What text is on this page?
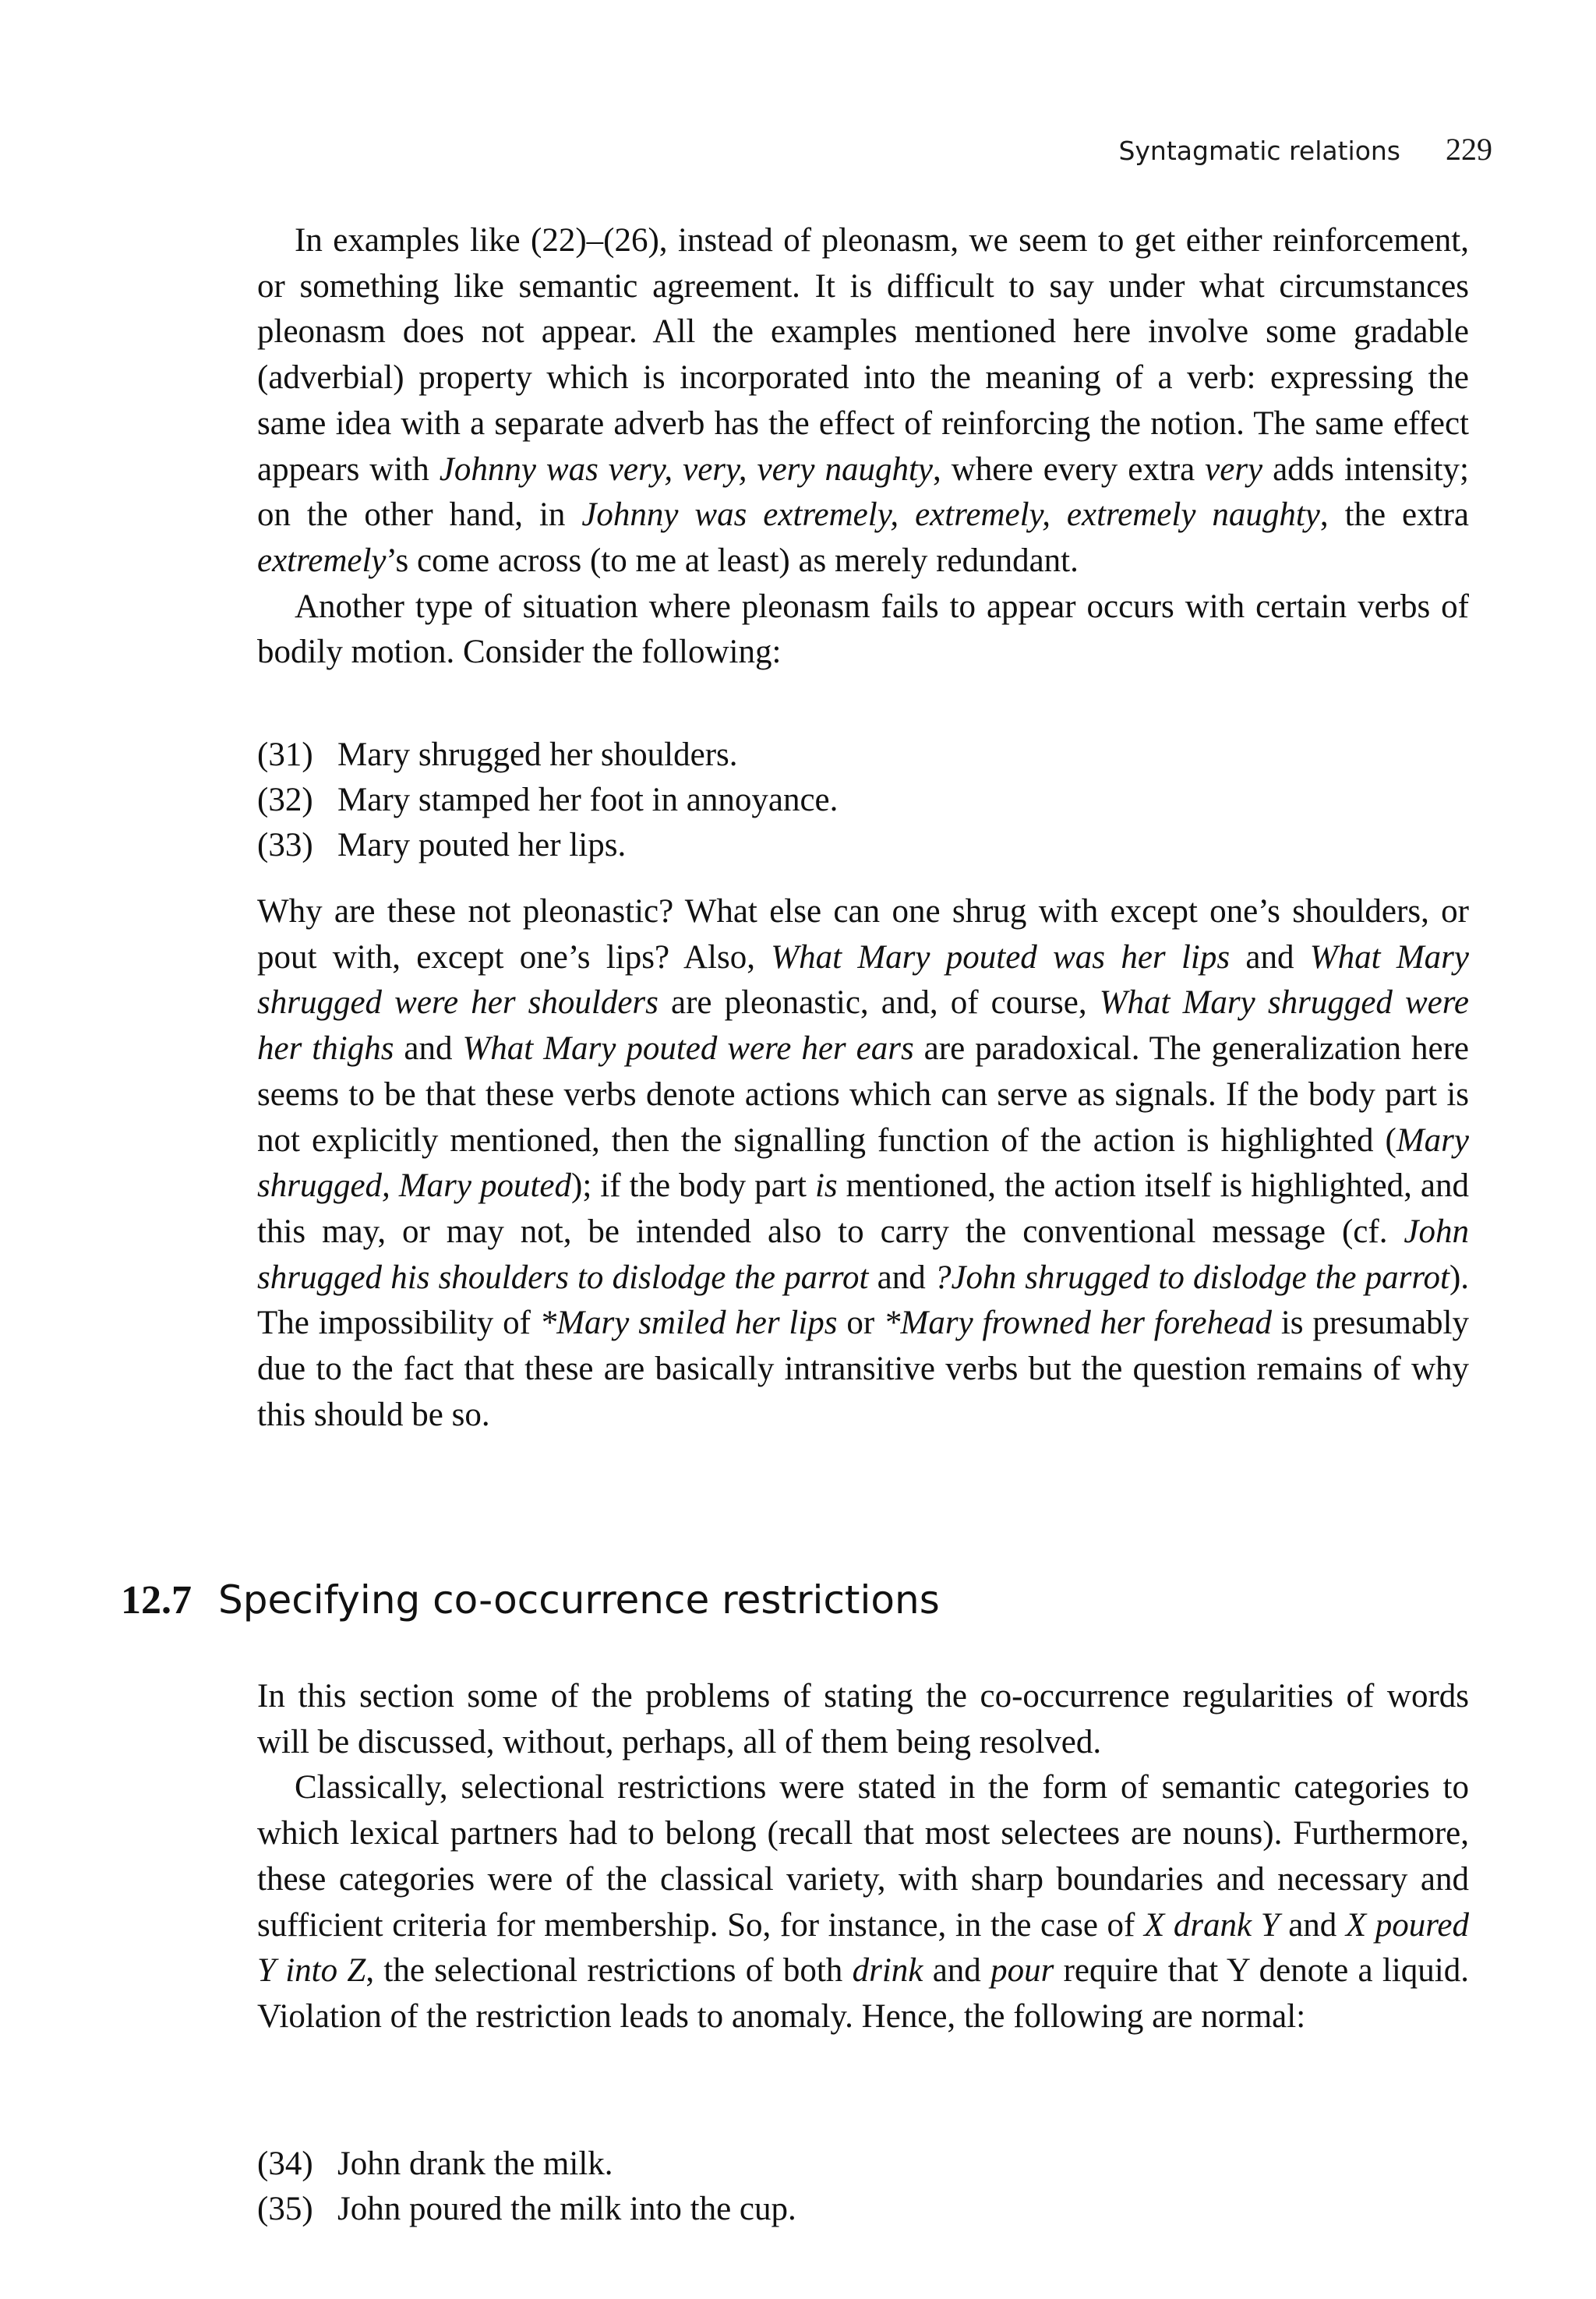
Syntagmatic relations 229

In examples like (22)–(26), instead of pleonasm, we seem to get either reinforcement, or something like semantic agreement. It is difficult to say under what circumstances pleonasm does not appear. All the examples mentioned here involve some gradable (adverbial) property which is incorporated into the meaning of a verb: expressing the same idea with a separate adverb has the effect of reinforcing the notion. The same effect appears with Johnny was very, very, very naughty, where every extra very adds intensity; on the other hand, in Johnny was extremely, extremely, extremely naughty, the extra extremely’s come across (to me at least) as merely redundant.

Another type of situation where pleonasm fails to appear occurs with certain verbs of bodily motion. Consider the following:

(31) Mary shrugged her shoulders.
(32) Mary stamped her foot in annoyance.
(33) Mary pouted her lips.

Why are these not pleonastic? What else can one shrug with except one’s shoulders, or pout with, except one’s lips? Also, What Mary pouted was her lips and What Mary shrugged were her shoulders are pleonastic, and, of course, What Mary shrugged were her thighs and What Mary pouted were her ears are paradoxical. The generalization here seems to be that these verbs denote actions which can serve as signals. If the body part is not explicitly mentioned, then the signalling function of the action is highlighted (Mary shrugged, Mary pouted); if the body part is mentioned, the action itself is highlighted, and this may, or may not, be intended also to carry the conventional message (cf. John shrugged his shoulders to dislodge the parrot and ?John shrugged to dislodge the parrot). The impossibility of *Mary smiled her lips or *Mary frowned her forehead is presumably due to the fact that these are basically intransitive verbs but the question remains of why this should be so.

12.7 Specifying co-occurrence restrictions

In this section some of the problems of stating the co-occurrence regularities of words will be discussed, without, perhaps, all of them being resolved.

Classically, selectional restrictions were stated in the form of semantic categories to which lexical partners had to belong (recall that most selectees are nouns). Furthermore, these categories were of the classical variety, with sharp boundaries and necessary and sufficient criteria for membership. So, for instance, in the case of X drank Y and X poured Y into Z, the selectional restrictions of both drink and pour require that Y denote a liquid. Violation of the restriction leads to anomaly. Hence, the following are normal:

(34) John drank the milk.
(35) John poured the milk into the cup.
